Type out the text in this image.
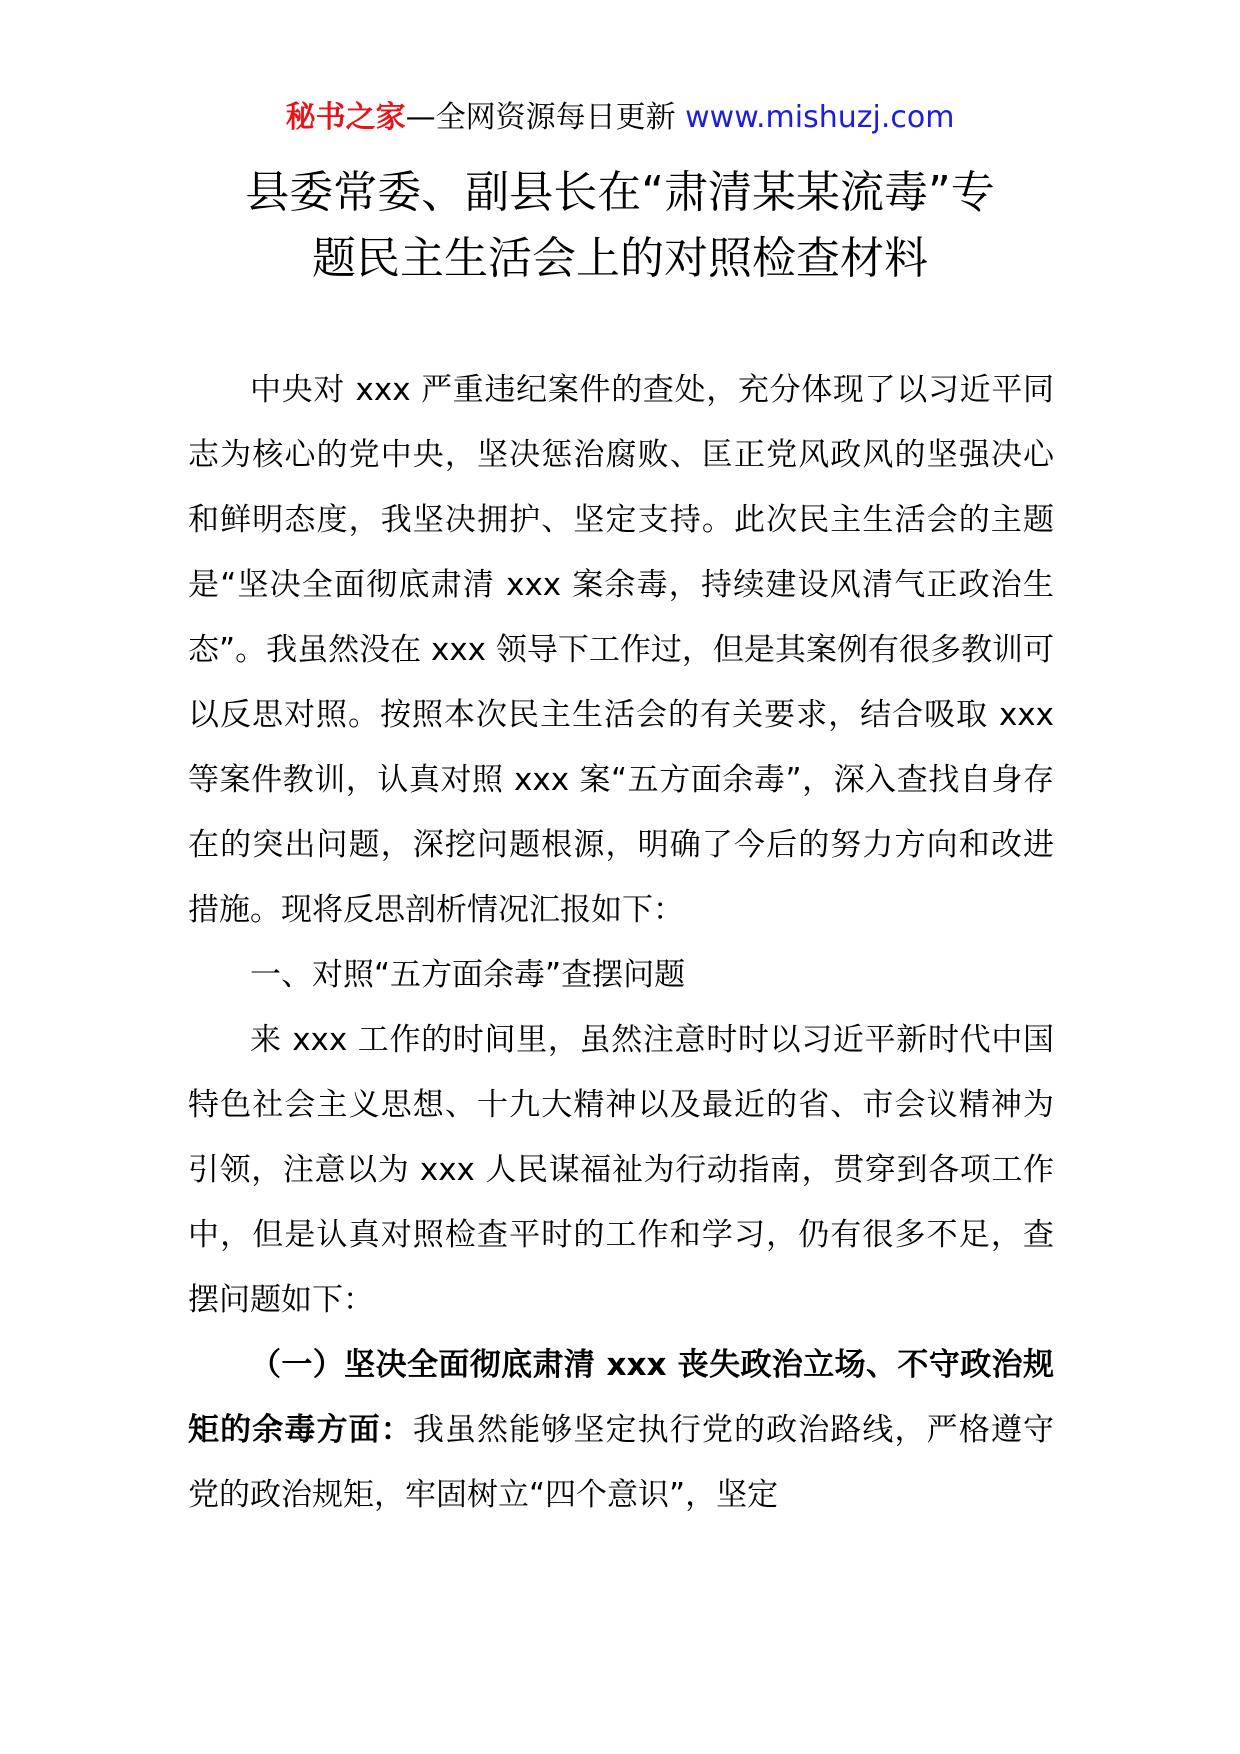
秘书之家—全网资源每日更新 www.mishuzj.com
县委常委、副县长在“肃清某某流毒”专
题民主生活会上的对照检查材料

中央对 xxx 严重违纪案件的查处，充分体现了以习近平同志为核心的党中央，坚决惩治腐败、匡正党风政风的坚强决心和鲜明态度，我坚决拥护、坚定支持。此次民主生活会的主题是“坚决全面彻底肃清 xxx 案余毒，持续建设风清气正政治生态”。我虽然没在 xxx 领导下工作过，但是其案例有很多教训可以反思对照。按照本次民主生活会的有关要求，结合吸取 xxx 等案件教训，认真对照 xxx 案“五方面余毒”，深入查找自身存在的突出问题，深挖问题根源，明确了今后的努力方向和改进措施。现将反思剖析情况汇报如下：

一、对照“五方面余毒”查摆问题

来 xxx 工作的时间里，虽然注意时时以习近平新时代中国特色社会主义思想、十九大精神以及最近的省、市会议精神为引领，注意以为 xxx 人民谋福祉为行动指南，贯穿到各项工作中，但是认真对照检查平时的工作和学习，仍有很多不足，查摆问题如下：

（一）坚决全面彻底肃清 xxx 丧失政治立场、不守政治规矩的余毒方面：我虽然能够坚定执行党的政治路线，严格遵守党的政治规矩，牢固树立“四个意识”，坚定
